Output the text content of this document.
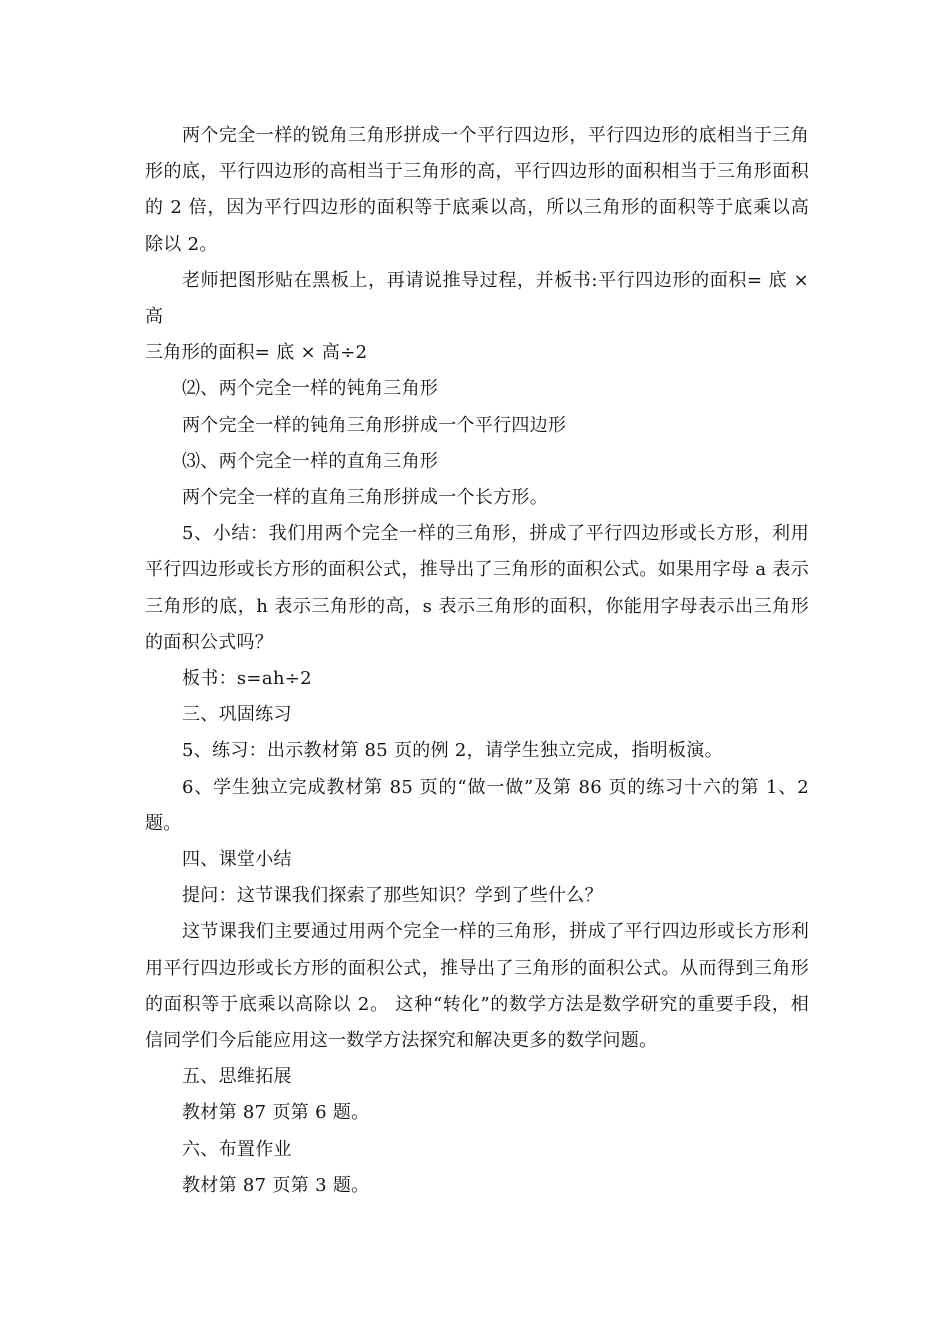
两个完全一样的锐角三角形拼成一个平行四边形，平行四边形的底相当于三角形的底，平行四边形的高相当于三角形的高，平行四边形的面积相当于三角形面积的 2 倍，因为平行四边形的面积等于底乘以高，所以三角形的面积等于底乘以高除以 2。

老师把图形贴在黑板上，再请说推导过程，并板书:平行四边形的面积= 底 × 高

三角形的面积= 底 × 高÷2

⑵、两个完全一样的钝角三角形

两个完全一样的钝角三角形拼成一个平行四边形

⑶、两个完全一样的直角三角形

两个完全一样的直角三角形拼成一个长方形。

5、小结：我们用两个完全一样的三角形，拼成了平行四边形或长方形，利用平行四边形或长方形的面积公式，推导出了三角形的面积公式。如果用字母 a 表示三角形的底，h 表示三角形的高，s 表示三角形的面积，你能用字母表示出三角形的面积公式吗？

板书：s=ah÷2

三、巩固练习

5、练习：出示教材第 85 页的例 2，请学生独立完成，指明板演。

6、学生独立完成教材第 85 页的“做一做”及第 86 页的练习十六的第 1、2 题。

四、课堂小结

提问：这节课我们探索了那些知识？学到了些什么？

这节课我们主要通过用两个完全一样的三角形，拼成了平行四边形或长方形利用平行四边形或长方形的面积公式，推导出了三角形的面积公式。从而得到三角形的面积等于底乘以高除以 2。 这种“转化”的数学方法是数学研究的重要手段，相信同学们今后能应用这一数学方法探究和解决更多的数学问题。

五、思维拓展

教材第 87 页第 6 题。

六、布置作业

教材第 87 页第 3 题。
